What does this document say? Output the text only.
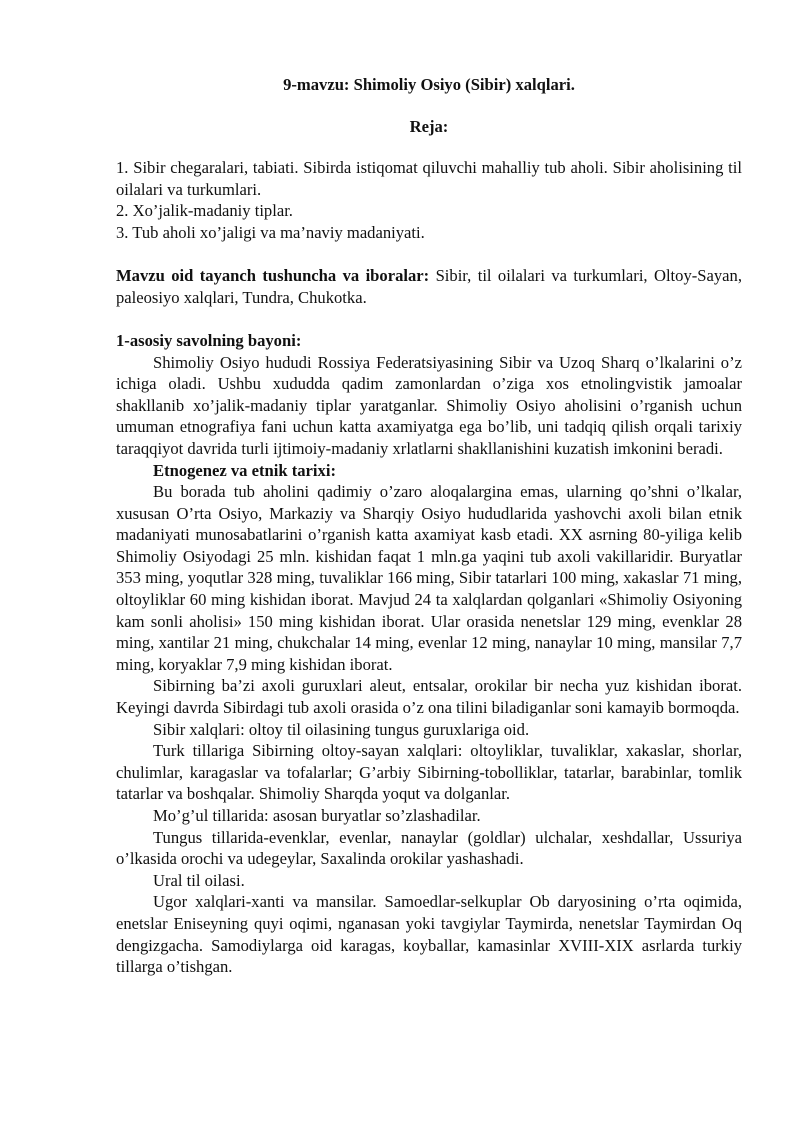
9-mavzu: Shimoliy Osiyo (Sibir) xalqlari.

Reja:

1. Sibir chegaralari, tabiati. Sibirda istiqomat qiluvchi mahalliy tub aholi. Sibir aholisining til oilalari va turkumlari.

2. Xo’jalik-madaniy tiplar.

3. Tub aholi xo’jaligi va ma’naviy madaniyati.

Mavzu oid tayanch tushuncha va iboralar: Sibir, til oilalari va turkumlari, Oltoy-Sayan, paleosiyo xalqlari, Tundra, Chukotka.

1-asosiy savolning bayoni:

Shimoliy Osiyo hududi Rossiya Federatsiyasining Sibir va Uzoq Sharq o’lkalarini o’z ichiga oladi. Ushbu xududda qadim zamonlardan o’ziga xos etnolingvistik jamoalar shakllanib xo’jalik-madaniy tiplar yaratganlar. Shimoliy Osiyo aholisini o’rganish uchun umuman etnografiya fani uchun katta axamiyatga ega bo’lib, uni tadqiq qilish orqali tarixiy taraqqiyot davrida turli ijtimoiy-madaniy xrlatlarni shakllanishini kuzatish imkonini beradi.

Etnogenez va etnik tarixi:

Bu borada tub aholini qadimiy o’zaro aloqalargina emas, ularning qo’shni o’lkalar, xususan O’rta Osiyo, Markaziy va Sharqiy Osiyo hududlarida yashovchi axoli bilan etnik madaniyati munosabatlarini o’rganish katta axamiyat kasb etadi. XX asrning 80-yiliga kelib Shimoliy Osiyodagi 25 mln. kishidan faqat 1 mln.ga yaqini tub axoli vakillaridir. Buryatlar 353 ming, yoqutlar 328 ming, tuvaliklar 166 ming, Sibir tatarlari 100 ming, xakaslar 71 ming, oltoyliklar 60 ming kishidan iborat. Mavjud 24 ta xalqlardan qolganlari «Shimoliy Osiyoning kam sonli aholisi» 150 ming kishidan iborat. Ular orasida nenetslar 129 ming, evenklar 28 ming, xantilar 21 ming, chukchalar 14 ming, evenlar 12 ming, nanaylar 10 ming, mansilar 7,7 ming, koryaklar 7,9 ming kishidan iborat.

Sibirning ba’zi axoli guruxlari aleut, entsalar, orokilar bir necha yuz kishidan iborat. Keyingi davrda Sibirdagi tub axoli orasida o’z ona tilini biladiganlar soni kamayib bormoqda.

Sibir xalqlari: oltoy til oilasining tungus guruxlariga oid.

Turk tillariga Sibirning oltoy-sayan xalqlari: oltoyliklar, tuvaliklar, xakaslar, shorlar, chulimlar, karagaslar va tofalarlar; G’arbiy Sibirning-tobolliklar, tatarlar, barabinlar, tomlik tatarlar va boshqalar. Shimoliy Sharqda yoqut va dolganlar.

Mo’g’ul tillarida: asosan buryatlar so’zlashadilar.

Tungus tillarida-evenklar, evenlar, nanaylar (goldlar) ulchalar, xeshdallar, Ussuriya o’lkasida orochi va udegeylar, Saxalinda orokilar yashashadi.

Ural til oilasi.

Ugor xalqlari-xanti va mansilar. Samoedlar-selkuplar Ob daryosining o’rta oqimida, enetslar Eniseyning quyi oqimi, nganasan yoki tavgiylar Taymirda, nenetslar Taymirdan Oq dengizgacha. Samodiylarga oid karagas, koyballar, kamasinlar XVIII-XIX asrlarda turkiy tillarga o’tishgan.
